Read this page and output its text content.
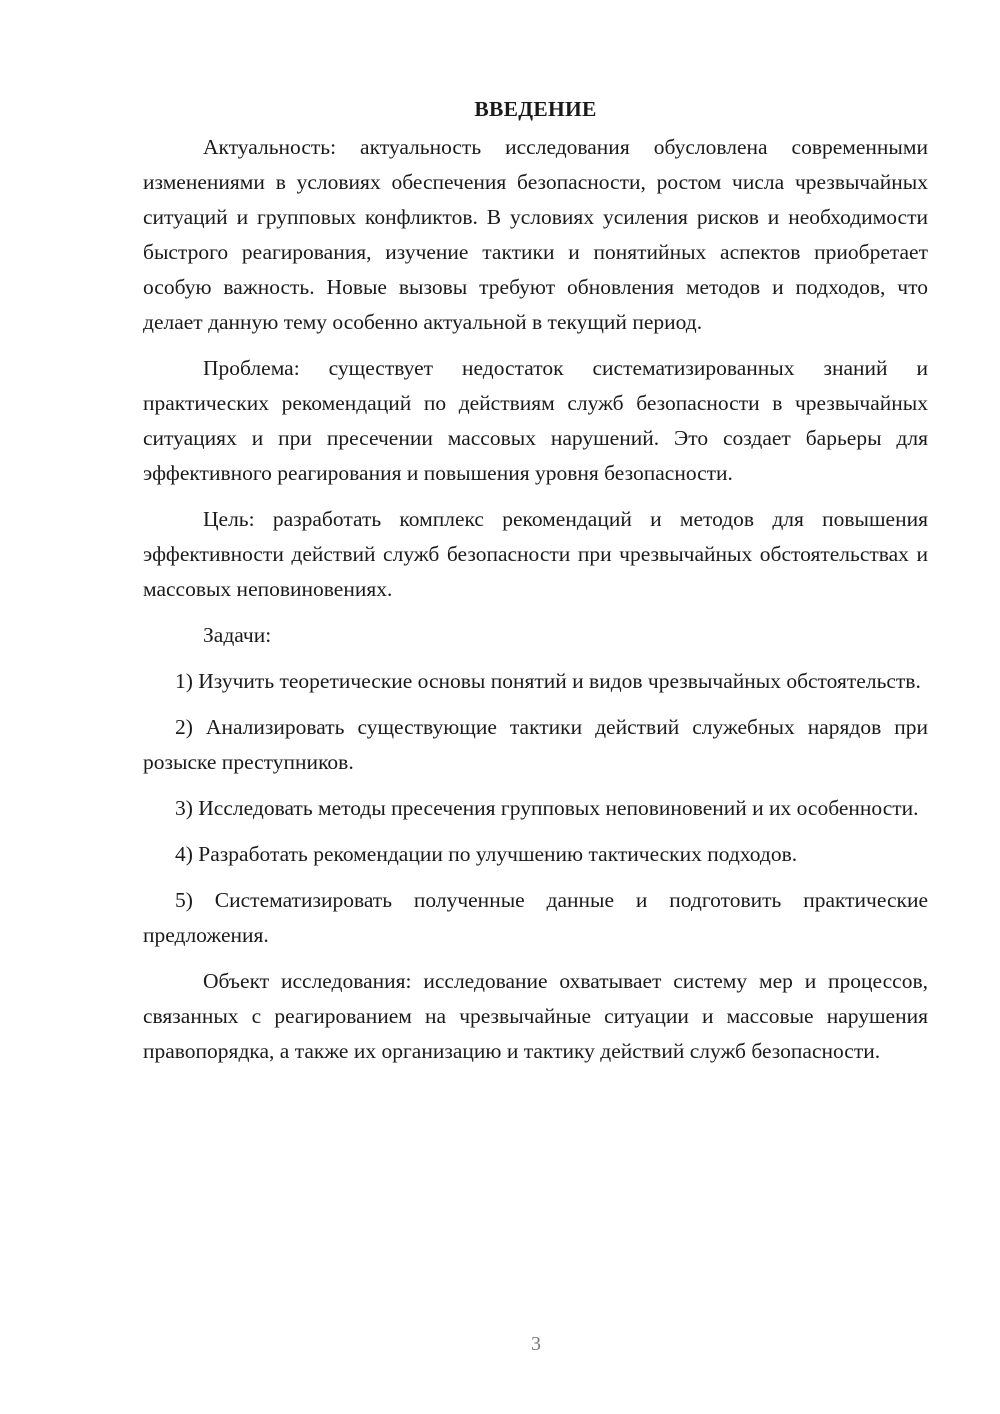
ВВЕДЕНИЕ

Актуальность: актуальность исследования обусловлена современными изменениями в условиях обеспечения безопасности, ростом числа чрезвычайных ситуаций и групповых конфликтов. В условиях усиления рисков и необходимости быстрого реагирования, изучение тактики и понятийных аспектов приобретает особую важность. Новые вызовы требуют обновления методов и подходов, что делает данную тему особенно актуальной в текущий период.

Проблема: существует недостаток систематизированных знаний и практических рекомендаций по действиям служб безопасности в чрезвычайных ситуациях и при пресечении массовых нарушений. Это создает барьеры для эффективного реагирования и повышения уровня безопасности.

Цель: разработать комплекс рекомендаций и методов для повышения эффективности действий служб безопасности при чрезвычайных обстоятельствах и массовых неповиновениях.

Задачи:

1) Изучить теоретические основы понятий и видов чрезвычайных обстоятельств.

2) Анализировать существующие тактики действий служебных нарядов при розыске преступников.

3) Исследовать методы пресечения групповых неповиновений и их особенности.

4) Разработать рекомендации по улучшению тактических подходов.

5) Систематизировать полученные данные и подготовить практические предложения.

Объект исследования: исследование охватывает систему мер и процессов, связанных с реагированием на чрезвычайные ситуации и массовые нарушения правопорядка, а также их организацию и тактику действий служб безопасности.

3
